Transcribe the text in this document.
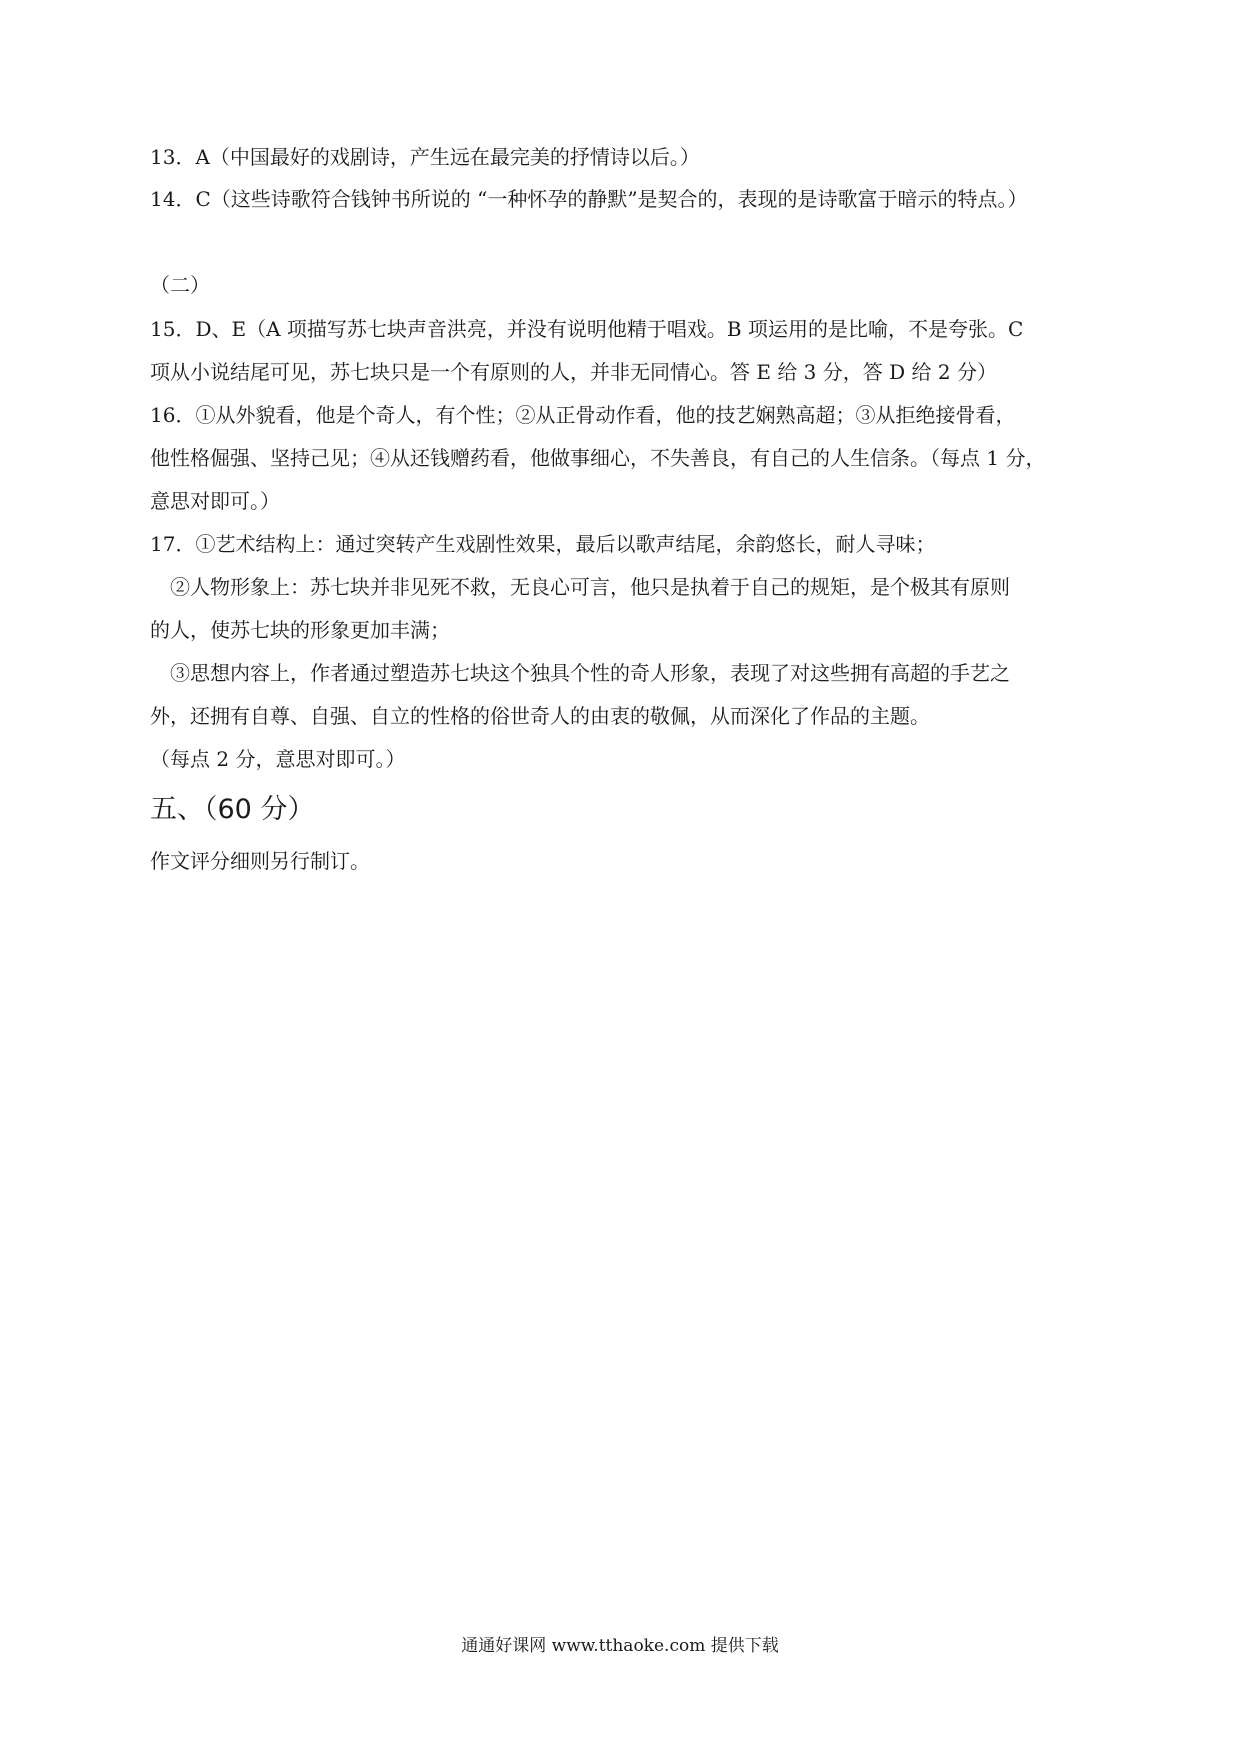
13．A（中国最好的戏剧诗，产生远在最完美的抒情诗以后。）
14．C（这些诗歌符合钱钟书所说的 “一种怀孕的静默”是契合的，表现的是诗歌富于暗示的特点。）
（二）
15．D、E（A 项描写苏七块声音洪亮，并没有说明他精于唱戏。B 项运用的是比喻，不是夸张。C
项从小说结尾可见，苏七块只是一个有原则的人，并非无同情心。答 E 给 3 分，答 D 给 2 分）
16．①从外貌看，他是个奇人，有个性；②从正骨动作看，他的技艺娴熟高超；③从拒绝接骨看，
他性格倔强、坚持己见；④从还钱赠药看，他做事细心，不失善良，有自己的人生信条。（每点 1 分，
意思对即可。）
17．①艺术结构上：通过突转产生戏剧性效果，最后以歌声结尾，余韵悠长，耐人寻味；
　②人物形象上：苏七块并非见死不救，无良心可言，他只是执着于自己的规矩，是个极其有原则
的人，使苏七块的形象更加丰满；
　③思想内容上，作者通过塑造苏七块这个独具个性的奇人形象，表现了对这些拥有高超的手艺之
外，还拥有自尊、自强、自立的性格的俗世奇人的由衷的敬佩，从而深化了作品的主题。
（每点 2 分，意思对即可。）
五、（60 分）
作文评分细则另行制订。
通通好课网 www.tthaoke.com 提供下载
